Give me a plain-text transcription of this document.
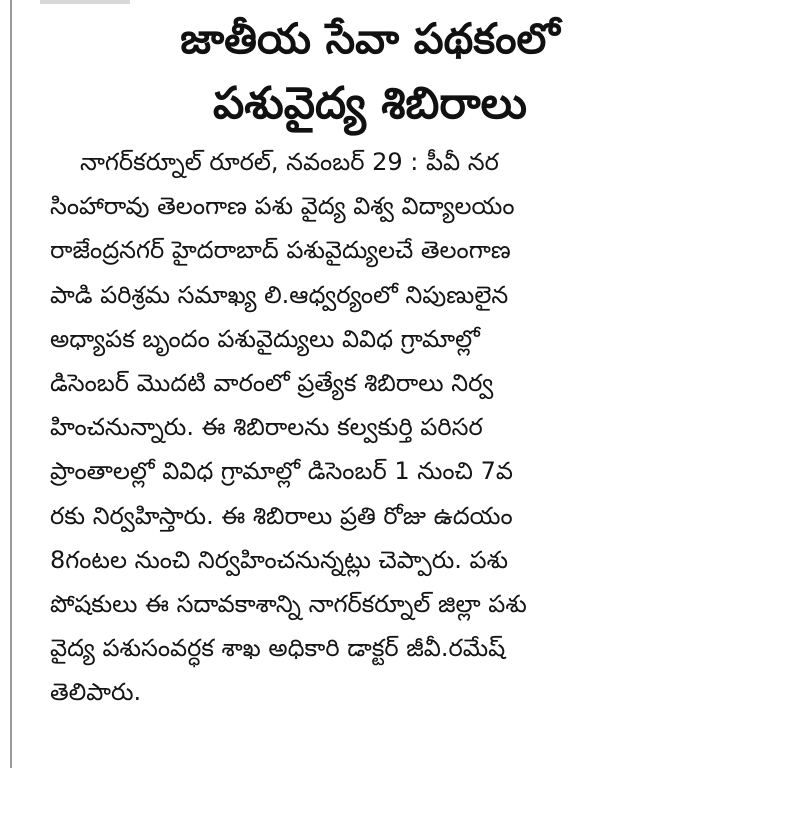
జాతీయ సేవా పథకంలో
పశువైద్య శిబిరాలు
నాగర్‌కర్నూల్ రూరల్, నవంబర్ 29 : పీవీ నర
సింహారావు తెలంగాణ పశు వైద్య విశ్వ విద్యాలయం
రాజేంద్రనగర్ హైదరాబాద్ పశువైద్యులచే తెలంగాణ
పాడి పరిశ్రమ సమాఖ్య లి.ఆధ్వర్యంలో నిపుణులైన
అధ్యాపక బృందం పశువైద్యులు వివిధ గ్రామాల్లో
డిసెంబర్ మొదటి వారంలో ప్రత్యేక శిబిరాలు నిర్వ
హించనున్నారు. ఈ శిబిరాలను కల్వకుర్తి పరిసర
ప్రాంతాలల్లో వివిధ గ్రామాల్లో డిసెంబర్ 1 నుంచి 7వ
రకు నిర్వహిస్తారు. ఈ శిబిరాలు ప్రతి రోజు ఉదయం
8గంటల నుంచి నిర్వహించనున్నట్లు చెప్పారు. పశు
పోషకులు ఈ సదావకాశాన్ని నాగర్‌కర్నూల్ జిల్లా పశు
వైద్య పశుసంవర్ధక శాఖ అధికారి డాక్టర్ జీవీ.రమేష్
తెలిపారు.
